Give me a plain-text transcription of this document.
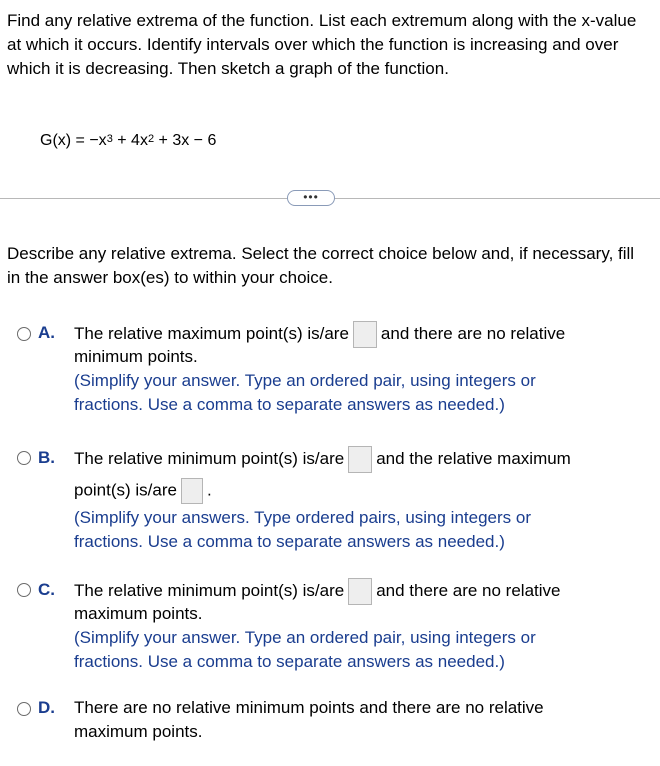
Find any relative extrema of the function. List each extremum along with the x-value at which it occurs. Identify intervals over which the function is increasing and over which it is decreasing. Then sketch a graph of the function.
$G(x) = -x^3 + 4x^2 + 3x - 6$
•••
Describe any relative extrema. Select the correct choice below and, if necessary, fill in the answer box(es) to within your choice.
A. The relative maximum point(s) is/are and there are no relative
minimum points.
(Simplify your answer. Type an ordered pair, using integers or
fractions. Use a comma to separate answers as needed.)
B. The relative minimum point(s) is/are and the relative maximum
point(s) is/are .
(Simplify your answers. Type ordered pairs, using integers or
fractions. Use a comma to separate answers as needed.)
C. The relative minimum point(s) is/are and there are no relative
maximum points.
(Simplify your answer. Type an ordered pair, using integers or
fractions. Use a comma to separate answers as needed.)
D. There are no relative minimum points and there are no relative
maximum points.
